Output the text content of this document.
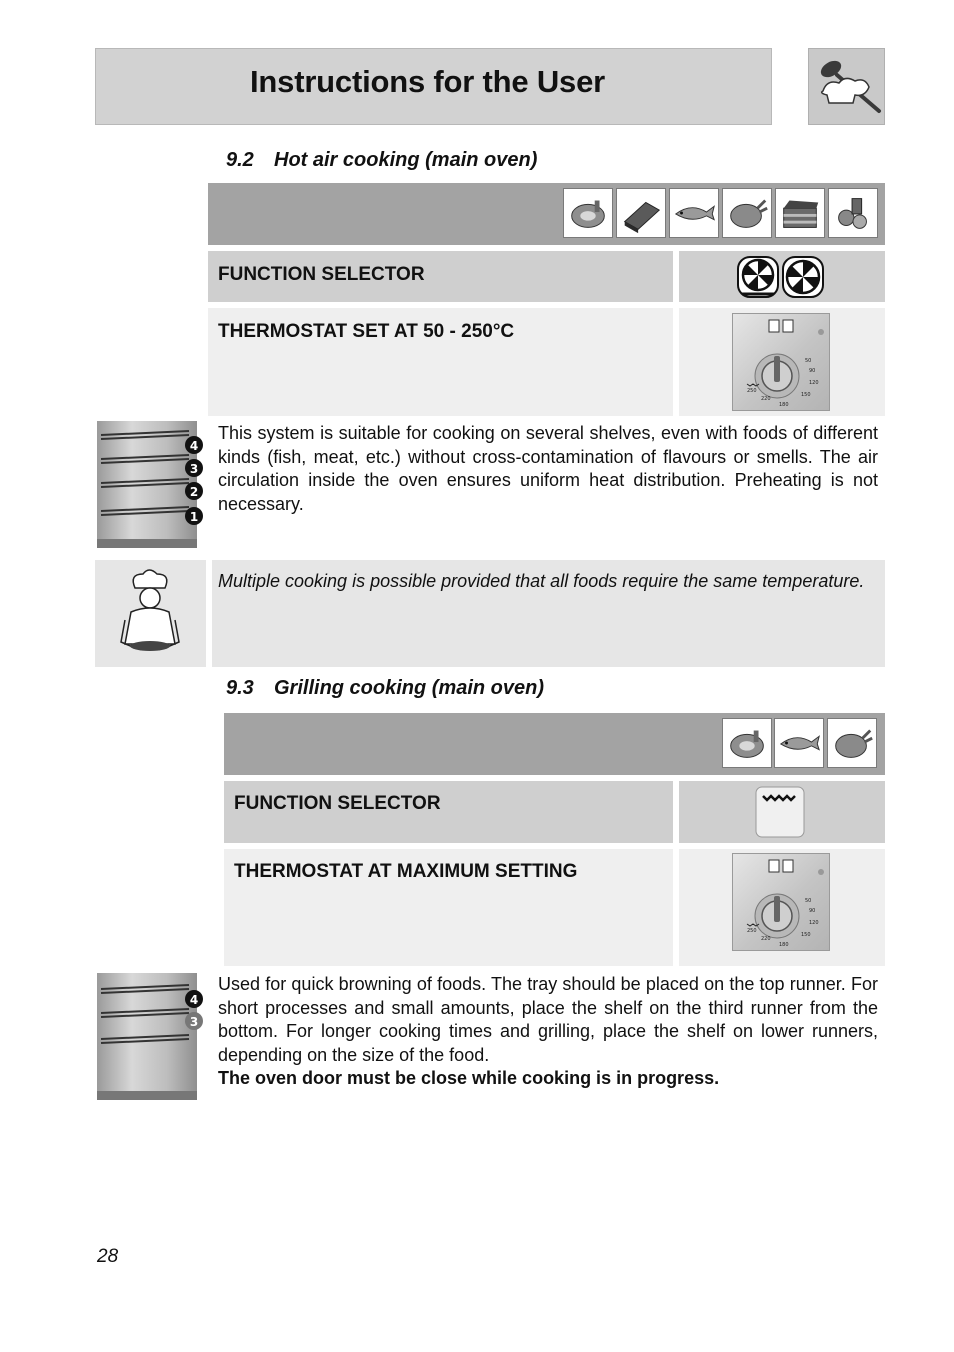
Instructions for the User
9.2 Hot air cooking (main oven)
FUNCTION SELECTOR
THERMOSTAT SET AT 50 - 250°C
50
90
120
150
180
220
250
4
3
2
1
This system is suitable for cooking on several shelves, even with foods of different kinds (fish, meat, etc.) without cross-contamination of flavours or smells. The air circulation inside the oven ensures uniform heat distribution. Preheating is not necessary.
Multiple cooking is possible provided that all foods require the same temperature.
9.3 Grilling cooking (main oven)
FUNCTION SELECTOR
THERMOSTAT AT MAXIMUM SETTING
50
90
120
150
180
220
250
4
3
Used for quick browning of foods. The tray should be placed on the top runner. For short processes and small amounts, place the shelf on the third runner from the bottom. For longer cooking times and grilling, place the shelf on lower runners, depending on the size of the food.
The oven door must be close while cooking is in progress.
28
